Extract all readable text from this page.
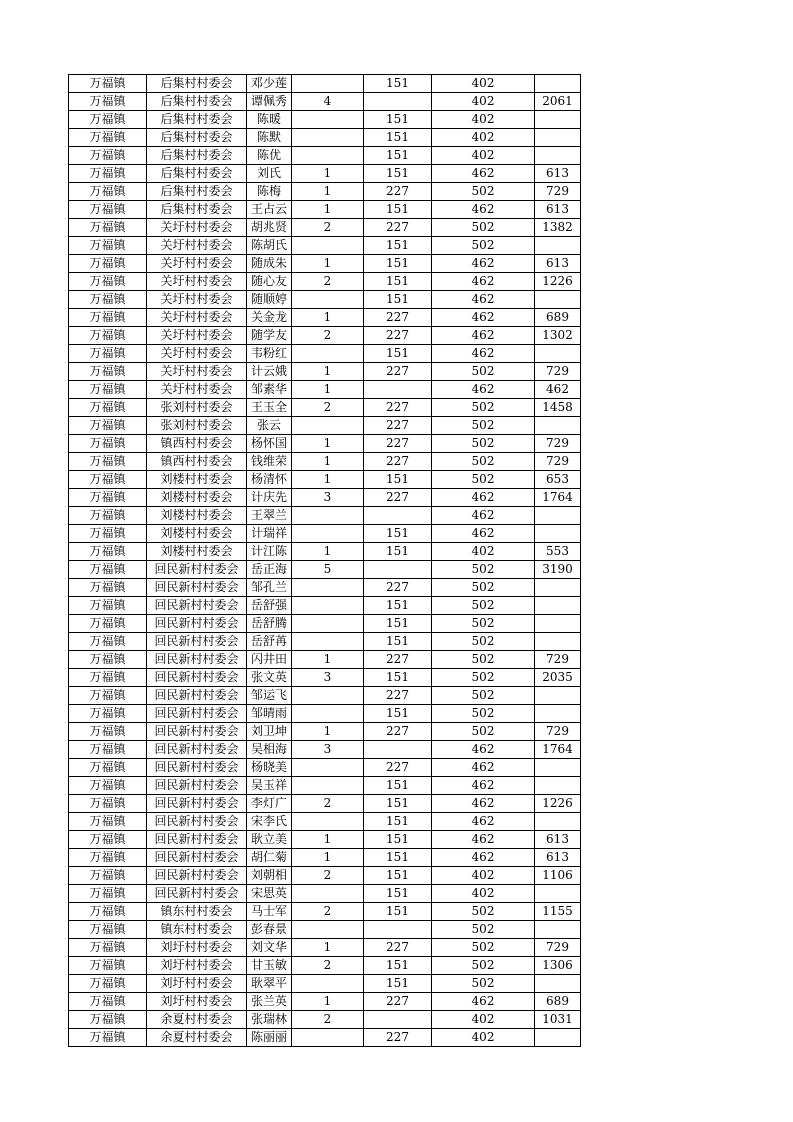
万福镇	后集村村委会	邓少莲		151	402	
万福镇	后集村村委会	谭佩秀	4		402	2061
万福镇	后集村村委会	陈暖		151	402	
万福镇	后集村村委会	陈默		151	402	
万福镇	后集村村委会	陈优		151	402	
万福镇	后集村村委会	刘氏	1	151	462	613
万福镇	后集村村委会	陈梅	1	227	502	729
万福镇	后集村村委会	王占云	1	151	462	613
万福镇	关圩村村委会	胡兆贤	2	227	502	1382
万福镇	关圩村村委会	陈胡氏		151	502	
万福镇	关圩村村委会	随成朱	1	151	462	613
万福镇	关圩村村委会	随心友	2	151	462	1226
万福镇	关圩村村委会	随顺婷		151	462	
万福镇	关圩村村委会	关金龙	1	227	462	689
万福镇	关圩村村委会	随学友	2	227	462	1302
万福镇	关圩村村委会	韦粉红		151	462	
万福镇	关圩村村委会	计云娥	1	227	502	729
万福镇	关圩村村委会	邹素华	1		462	462
万福镇	张刘村村委会	王玉全	2	227	502	1458
万福镇	张刘村村委会	张云		227	502	
万福镇	镇西村村委会	杨怀国	1	227	502	729
万福镇	镇西村村委会	钱维荣	1	227	502	729
万福镇	刘楼村村委会	杨清怀	1	151	502	653
万福镇	刘楼村村委会	计庆先	3	227	462	1764
万福镇	刘楼村村委会	王翠兰			462	
万福镇	刘楼村村委会	计瑞祥		151	462	
万福镇	刘楼村村委会	计江陈	1	151	402	553
万福镇	回民新村村委会	岳正海	5		502	3190
万福镇	回民新村村委会	邹孔兰		227	502	
万福镇	回民新村村委会	岳舒强		151	502	
万福镇	回民新村村委会	岳舒腾		151	502	
万福镇	回民新村村委会	岳舒苒		151	502	
万福镇	回民新村村委会	闪井田	1	227	502	729
万福镇	回民新村村委会	张文英	3	151	502	2035
万福镇	回民新村村委会	邹运飞		227	502	
万福镇	回民新村村委会	邹晴雨		151	502	
万福镇	回民新村村委会	刘卫坤	1	227	502	729
万福镇	回民新村村委会	吴相海	3		462	1764
万福镇	回民新村村委会	杨晓美		227	462	
万福镇	回民新村村委会	吴玉祥		151	462	
万福镇	回民新村村委会	李灯广	2	151	462	1226
万福镇	回民新村村委会	宋李氏		151	462	
万福镇	回民新村村委会	耿立美	1	151	462	613
万福镇	回民新村村委会	胡仁菊	1	151	462	613
万福镇	回民新村村委会	刘朝相	2	151	402	1106
万福镇	回民新村村委会	宋思英		151	402	
万福镇	镇东村村委会	马士军	2	151	502	1155
万福镇	镇东村村委会	彭春景			502	
万福镇	刘圩村村委会	刘文华	1	227	502	729
万福镇	刘圩村村委会	甘玉敏	2	151	502	1306
万福镇	刘圩村村委会	耿翠平		151	502	
万福镇	刘圩村村委会	张兰英	1	227	462	689
万福镇	余夏村村委会	张瑞林	2		402	1031
万福镇	余夏村村委会	陈丽丽		227	402	
